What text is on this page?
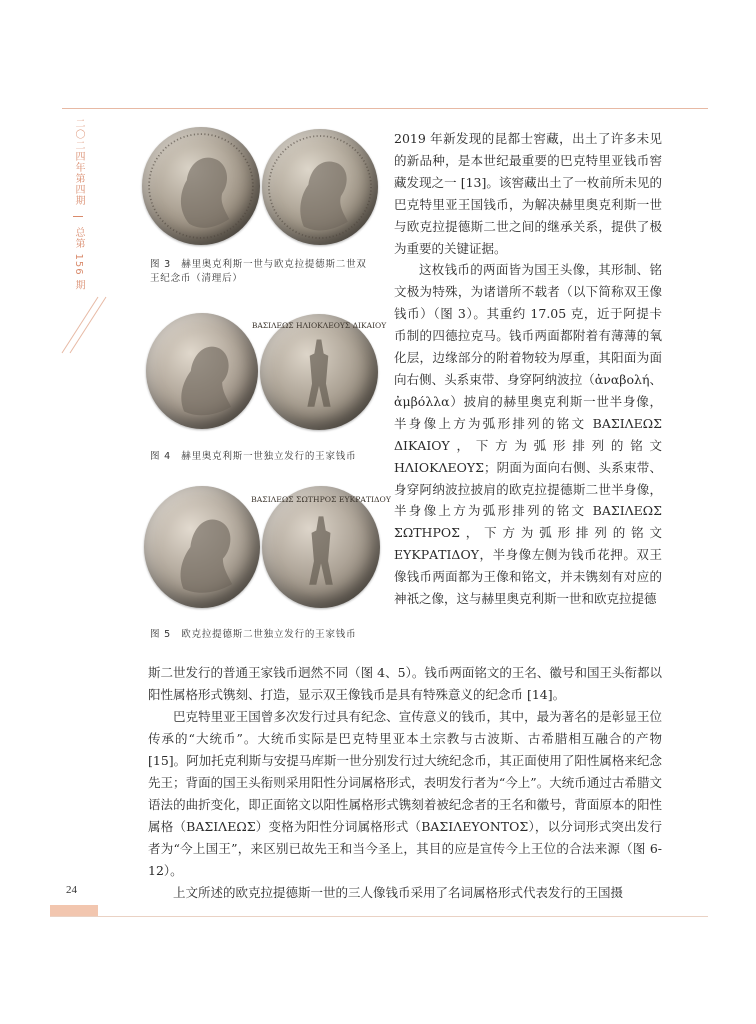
二〇二四年第四期  总第 156 期	图 3　赫里奥克利斯一世与欧克拉提德斯二世双王纪念币（清理后）
ΒΑΣΙΛΕΩΣ ΗΛΙΟΚΛΕΟΥΣ ΔΙΚΑΙΟΥ
图 4　赫里奥克利斯一世独立发行的王家钱币
ΒΑΣΙΛΕΩΣ ΣΩΤΗΡΟΣ ΕΥΚΡΑΤΙΔΟΥ
图 5　欧克拉提德斯二世独立发行的王家钱币

2019 年新发现的昆都士窖藏，出土了许多未见的新品种，是本世纪最重要的巴克特里亚钱币窖藏发现之一 [13]。该窖藏出土了一枚前所未见的巴克特里亚王国钱币，为解决赫里奥克利斯一世与欧克拉提德斯二世之间的继承关系，提供了极为重要的关键证据。

这枚钱币的两面皆为国王头像，其形制、铭文极为特殊，为诸谱所不载者（以下简称双王像钱币）（图 3）。其重约 17.05 克，近于阿提卡币制的四德拉克马。钱币两面都附着有薄薄的氧化层，边缘部分的附着物较为厚重，其阳面为面向右侧、头系束带、身穿阿纳波拉（ἀναβολή、ἀμβόλλα）披肩的赫里奥克利斯一世半身像，半身像上方为弧形排列的铭文 ΒΑΣΙΛΕΩΣ ΔΙΚΑΙΟΥ，下方为弧形排列的铭文 ΗΛΙΟΚΛΕΟΥΣ；阴面为面向右侧、头系束带、身穿阿纳波拉披肩的欧克拉提德斯二世半身像，半身像上方为弧形排列的铭文 ΒΑΣΙΛΕΩΣ ΣΩΤΗΡΟΣ，下方为弧形排列的铭文 ΕΥΚΡΑΤΙΔΟΥ，半身像左侧为钱币花押。双王像钱币两面都为王像和铭文，并未镌刻有对应的神祇之像，这与赫里奥克利斯一世和欧克拉提德

斯二世发行的普通王家钱币迥然不同（图 4、5）。钱币两面铭文的王名、徽号和国王头衔都以阳性属格形式镌刻、打造，显示双王像钱币是具有特殊意义的纪念币 [14]。

巴克特里亚王国曾多次发行过具有纪念、宣传意义的钱币，其中，最为著名的是彰显王位传承的“大统币”。大统币实际是巴克特里亚本土宗教与古波斯、古希腊相互融合的产物 [15]。阿加托克利斯与安提马库斯一世分别发行过大统纪念币，其正面使用了阳性属格来纪念先王；背面的国王头衔则采用阳性分词属格形式，表明发行者为“今上”。大统币通过古希腊文语法的曲折变化，即正面铭文以阳性属格形式镌刻着被纪念者的王名和徽号，背面原本的阳性属格（ΒΑΣΙΛΕΩΣ）变格为阳性分词属格形式（ΒΑΣΙΛΕΥΟΝΤΟΣ），以分词形式突出发行者为“今上国王”，来区别已故先王和当今圣上，其目的应是宣传今上王位的合法来源（图 6-12）。

上文所述的欧克拉提德斯一世的三人像钱币采用了名词属格形式代表发行的王国摄

24
